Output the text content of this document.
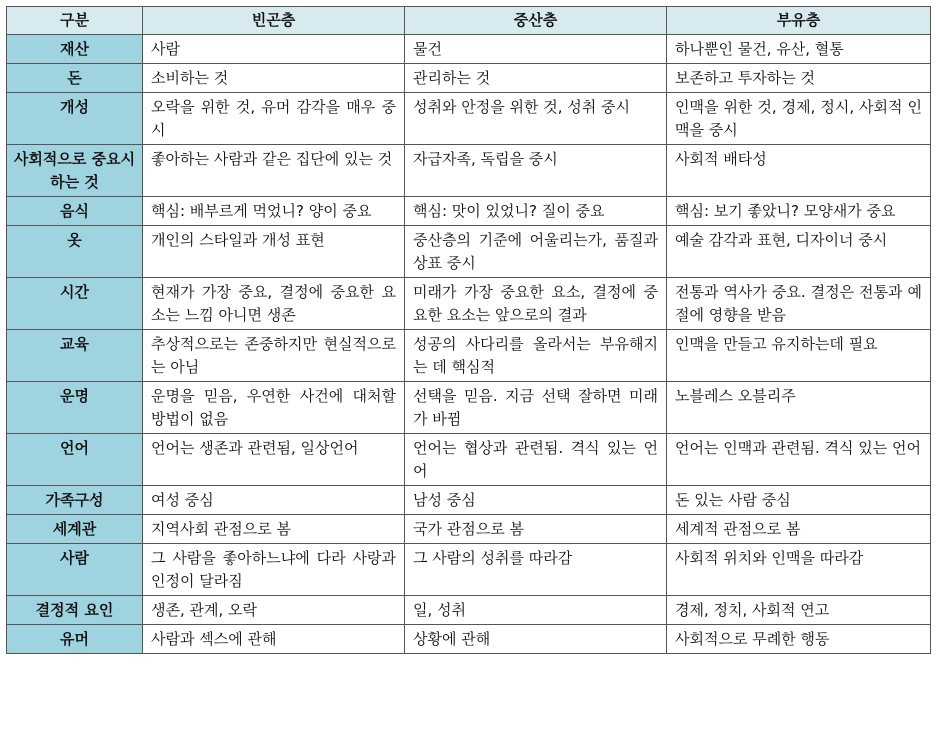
구분	빈곤층	중산층	부유층
재산	사람	물건	하나뿐인 물건, 유산, 혈통
돈	소비하는 것	관리하는 것	보존하고 투자하는 것
개성	오락을 위한 것, 유머 감각을 매우 중시	성취와 안정을 위한 것, 성취 중시	인맥을 위한 것, 경제, 정시, 사회적 인맥을 중시
사회적으로 중요시 하는 것	좋아하는 사람과 같은 집단에 있는 것	자급자족, 독립을 중시	사회적 배타성
음식	핵심: 배부르게 먹었니? 양이 중요	핵심: 맛이 있었니? 질이 중요	핵심: 보기 좋았니? 모양새가 중요
옷	개인의 스타일과 개성 표현	중산층의 기준에 어울리는가, 품질과 상표 중시	예술 감각과 표현, 디자이너 중시
시간	현재가 가장 중요, 결정에 중요한 요소는 느낌 아니면 생존	미래가 가장 중요한 요소, 결정에 중요한 요소는 앞으로의 결과	전통과 역사가 중요. 결정은 전통과 예절에 영향을 받음
교육	추상적으로는 존중하지만 현실적으로는 아님	성공의 사다리를 올라서는 부유해지는 데 핵심적	인맥을 만들고 유지하는데 필요
운명	운명을 믿음, 우연한 사건에 대처할 방법이 없음	선택을 믿음. 지금 선택 잘하면 미래가 바뀜	노블레스 오블리주
언어	언어는 생존과 관련됨, 일상언어	언어는 협상과 관련됨. 격식 있는 언어	언어는 인맥과 관련됨. 격식 있는 언어
가족구성	여성 중심	남성 중심	돈 있는 사람 중심
세계관	지역사회 관점으로 봄	국가 관점으로 봄	세계적 관점으로 봄
사람	그 사람을 좋아하느냐에 다라 사랑과 인정이 달라짐	그 사람의 성취를 따라감	사회적 위치와 인맥을 따라감
결정적 요인	생존, 관계, 오락	일, 성취	경제, 정치, 사회적 연고
유머	사람과 섹스에 관해	상황에 관해	사회적으로 무례한 행동
